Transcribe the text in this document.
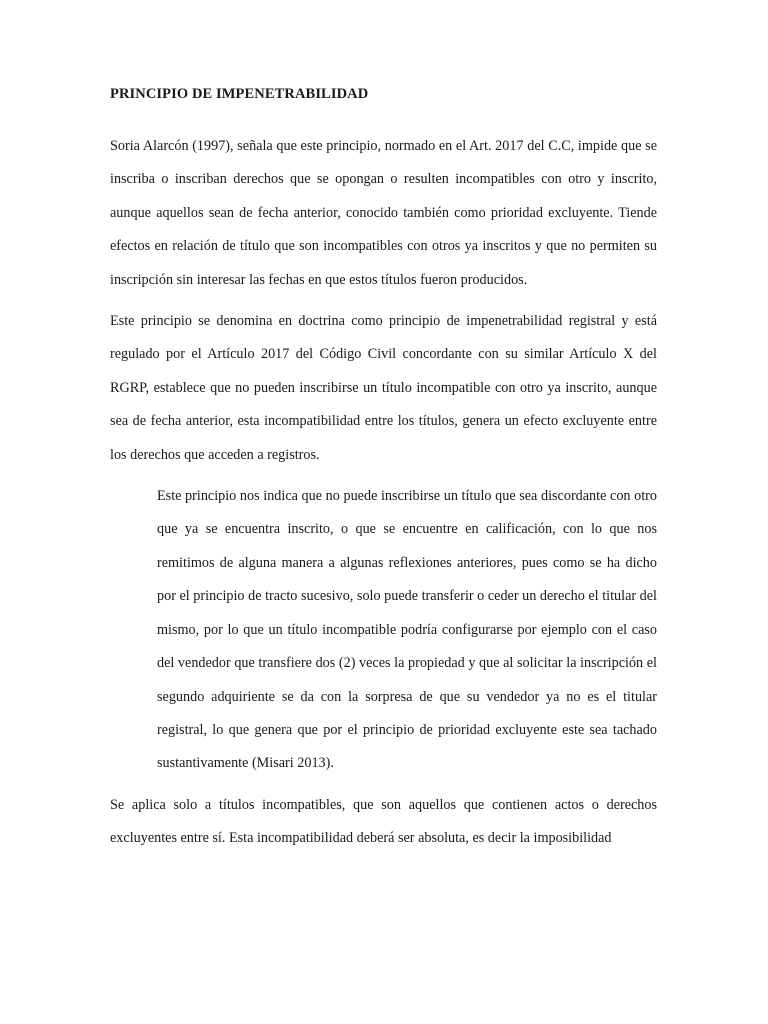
PRINCIPIO DE IMPENETRABILIDAD

Soria Alarcón (1997), señala que este principio, normado en el Art. 2017 del C.C, impide que se inscriba o inscriban derechos que se opongan o resulten incompatibles con otro y inscrito, aunque aquellos sean de fecha anterior, conocido también como prioridad excluyente. Tiende efectos en relación de título que son incompatibles con otros ya inscritos y que no permiten su inscripción sin interesar las fechas en que estos títulos fueron producidos.

Este principio se denomina en doctrina como principio de impenetrabilidad registral y está regulado por el Artículo 2017 del Código Civil concordante con su similar Artículo X del RGRP, establece que no pueden inscribirse un título incompatible con otro ya inscrito, aunque sea de fecha anterior, esta incompatibilidad entre los títulos, genera un efecto excluyente entre los derechos que acceden a registros.

Este principio nos indica que no puede inscribirse un título que sea discordante con otro que ya se encuentra inscrito, o que se encuentre en calificación, con lo que nos remitimos de alguna manera a algunas reflexiones anteriores, pues como se ha dicho por el principio de tracto sucesivo, solo puede transferir o ceder un derecho el titular del mismo, por lo que un título incompatible podría configurarse por ejemplo con el caso del vendedor que transfiere dos (2) veces la propiedad y que al solicitar la inscripción el segundo adquiriente se da con la sorpresa de que su vendedor ya no es el titular registral, lo que genera que por el principio de prioridad excluyente este sea tachado sustantivamente (Misari 2013).

Se aplica solo a títulos incompatibles, que son aquellos que contienen actos o derechos excluyentes entre sí. Esta incompatibilidad deberá ser absoluta, es decir la imposibilidad
